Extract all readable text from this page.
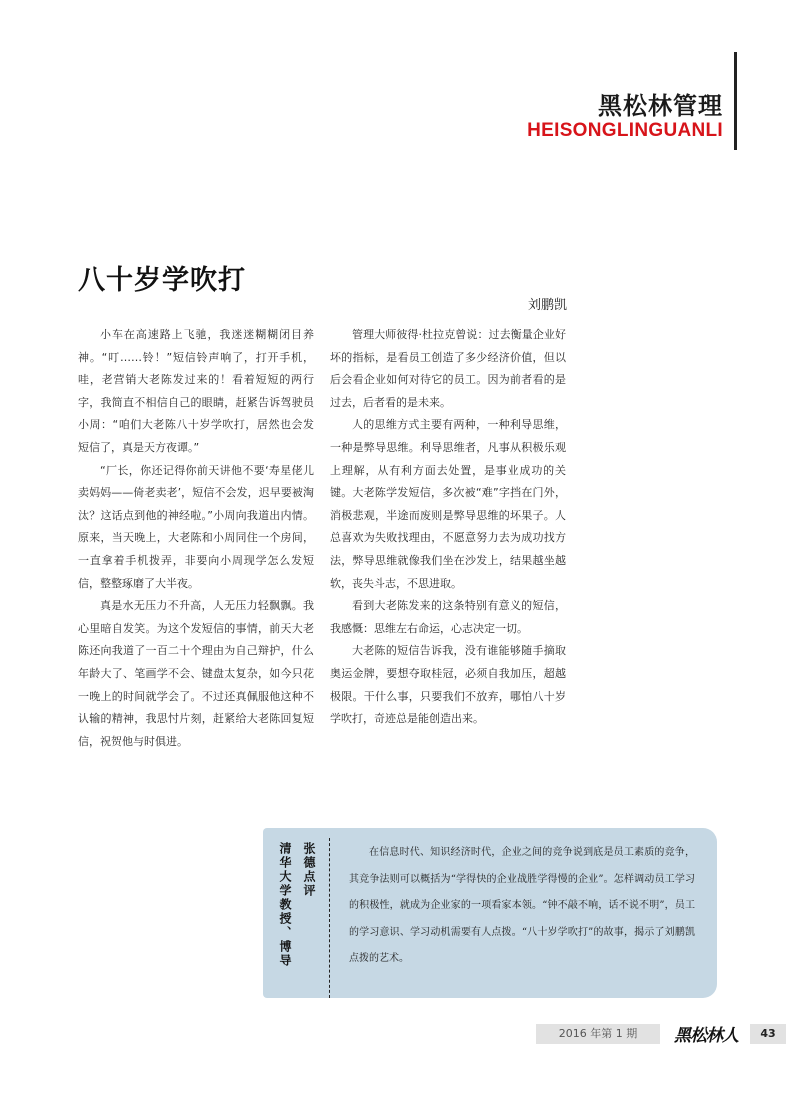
黑松林管理
HEISONGLINGUANLI
八十岁学吹打
刘鹏凯

小车在高速路上飞驰，我迷迷糊糊闭目养神。“叮……铃！”短信铃声响了，打开手机，哇，老营销大老陈发过来的！看着短短的两行字，我简直不相信自己的眼睛，赶紧告诉驾驶员小周：“咱们大老陈八十岁学吹打，居然也会发短信了，真是天方夜谭。”

“厂长，你还记得你前天讲他不要‘寿星佬儿卖妈妈——倚老卖老’，短信不会发，迟早要被淘汰？这话点到他的神经啦。”小周向我道出内情。原来，当天晚上，大老陈和小周同住一个房间，一直拿着手机拨弄，非要向小周现学怎么发短信，整整琢磨了大半夜。

真是水无压力不升高，人无压力轻飘飘。我心里暗自发笑。为这个发短信的事情，前天大老陈还向我道了一百二十个理由为自己辩护，什么年龄大了、笔画学不会、键盘太复杂，如今只花一晚上的时间就学会了。不过还真佩服他这种不认输的精神，我思忖片刻，赶紧给大老陈回复短信，祝贺他与时俱进。

管理大师彼得·杜拉克曾说：过去衡量企业好坏的指标，是看员工创造了多少经济价值，但以后会看企业如何对待它的员工。因为前者看的是过去，后者看的是未来。

人的思维方式主要有两种，一种利导思维，一种是弊导思维。利导思维者，凡事从积极乐观上理解，从有利方面去处置，是事业成功的关键。大老陈学发短信，多次被“难”字挡在门外，消极悲观，半途而废则是弊导思维的坏果子。人总喜欢为失败找理由，不愿意努力去为成功找方法，弊导思维就像我们坐在沙发上，结果越坐越软，丧失斗志，不思进取。

看到大老陈发来的这条特别有意义的短信，我感慨：思维左右命运，心志决定一切。

大老陈的短信告诉我，没有谁能够随手摘取奥运金牌，要想夺取桂冠，必须自我加压，超越极限。干什么事，只要我们不放弃，哪怕八十岁学吹打，奇迹总是能创造出来。

张德点评
清华大学教授、博导	在信息时代、知识经济时代，企业之间的竞争说到底是员工素质的竞争，其竞争法则可以概括为“学得快的企业战胜学得慢的企业”。怎样调动员工学习的积极性，就成为企业家的一项看家本领。“钟不敲不响，话不说不明”，员工的学习意识、学习动机需要有人点拨。“八十岁学吹打”的故事，揭示了刘鹏凯点拨的艺术。

2016 年第 1 期	黑松林人	43
